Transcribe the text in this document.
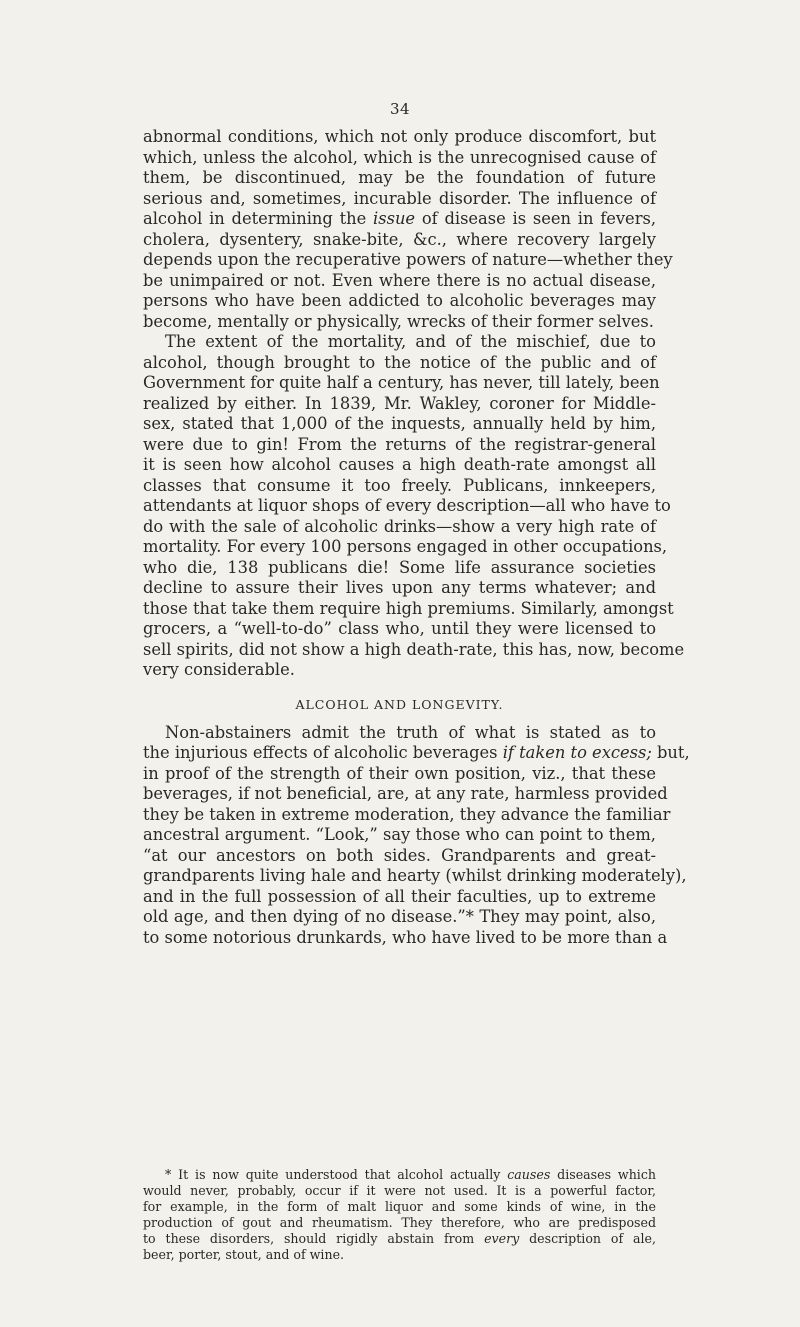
34
abnormal conditions, which not only produce discomfort, but
which, unless the alcohol, which is the unrecognised cause of
them, be discontinued, may be the foundation of future
serious and, sometimes, incurable disorder. The influence of
alcohol in determining the issue of disease is seen in fevers,
cholera, dysentery, snake-bite, &c., where recovery largely
depends upon the recuperative powers of nature—whether they
be unimpaired or not. Even where there is no actual disease,
persons who have been addicted to alcoholic beverages may
become, mentally or physically, wrecks of their former selves.
The extent of the mortality, and of the mischief, due to
alcohol, though brought to the notice of the public and of
Government for quite half a century, has never, till lately, been
realized by either. In 1839, Mr. Wakley, coroner for Middle-
sex, stated that 1,000 of the inquests, annually held by him,
were due to gin! From the returns of the registrar-general
it is seen how alcohol causes a high death-rate amongst all
classes that consume it too freely. Publicans, innkeepers,
attendants at liquor shops of every description—all who have to
do with the sale of alcoholic drinks—show a very high rate of
mortality. For every 100 persons engaged in other occupations,
who die, 138 publicans die! Some life assurance societies
decline to assure their lives upon any terms whatever; and
those that take them require high premiums. Similarly, amongst
grocers, a “well-to-do” class who, until they were licensed to
sell spirits, did not show a high death-rate, this has, now, become
very considerable.
ALCOHOL AND LONGEVITY.
Non-abstainers admit the truth of what is stated as to
the injurious effects of alcoholic beverages if taken to excess; but,
in proof of the strength of their own position, viz., that these
beverages, if not beneficial, are, at any rate, harmless provided
they be taken in extreme moderation, they advance the familiar
ancestral argument. “Look,” say those who can point to them,
“at our ancestors on both sides. Grandparents and great-
grandparents living hale and hearty (whilst drinking moderately),
and in the full possession of all their faculties, up to extreme
old age, and then dying of no disease.”* They may point, also,
to some notorious drunkards, who have lived to be more than a
* It is now quite understood that alcohol actually causes diseases which
would never, probably, occur if it were not used. It is a powerful factor,
for example, in the form of malt liquor and some kinds of wine, in the
production of gout and rheumatism. They therefore, who are predisposed
to these disorders, should rigidly abstain from every description of ale,
beer, porter, stout, and of wine.
